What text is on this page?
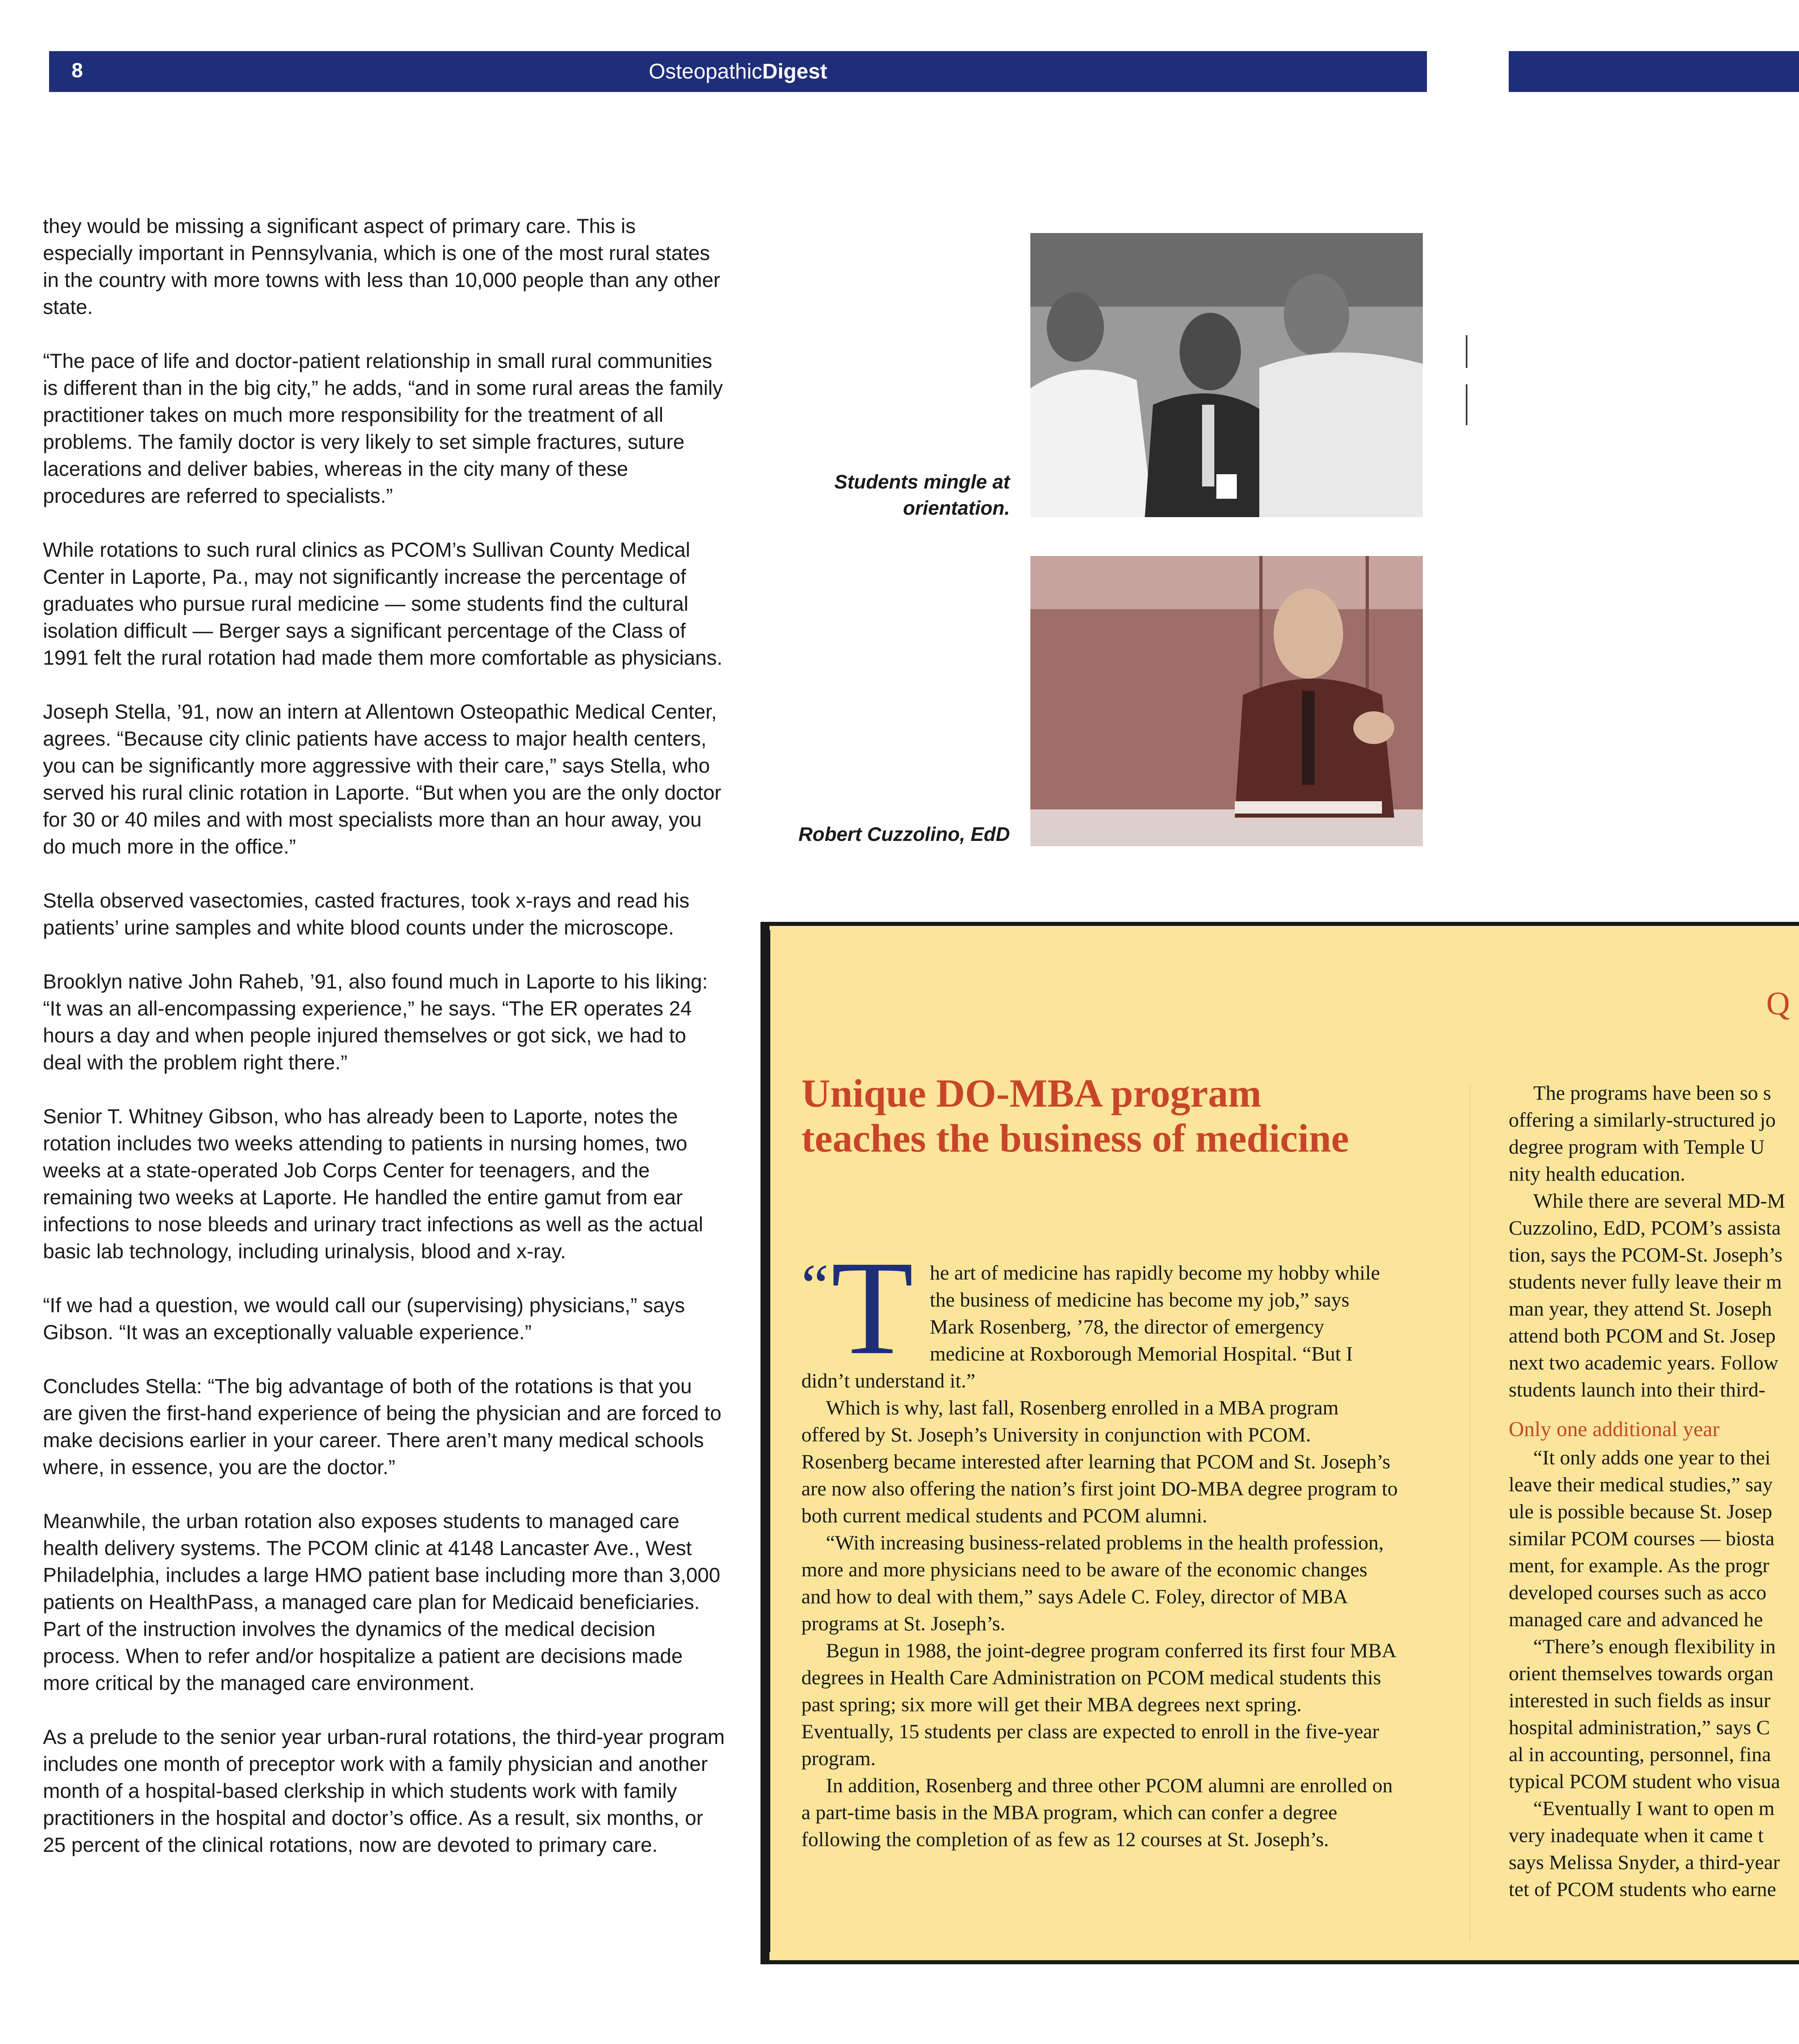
8	OsteopathicDigest

they would be missing a significant aspect of primary care. This is especially important in Pennsylvania, which is one of the most rural states in the country with more towns with less than 10,000 people than any other state.

“The pace of life and doctor-patient relationship in small rural communities is different than in the big city,” he adds, “and in some rural areas the family practitioner takes on much more responsibility for the treatment of all problems. The family doctor is very likely to set simple fractures, suture lacerations and deliver babies, whereas in the city many of these procedures are referred to specialists.”

While rotations to such rural clinics as PCOM’s Sullivan County Medical Center in Laporte, Pa., may not significantly increase the percentage of graduates who pursue rural medicine — some students find the cultural isolation difficult — Berger says a significant percentage of the Class of 1991 felt the rural rotation had made them more comfortable as physicians.

Joseph Stella, ’91, now an intern at Allentown Osteopathic Medical Center, agrees. “Because city clinic patients have access to major health centers, you can be significantly more aggressive with their care,” says Stella, who served his rural clinic rotation in Laporte. “But when you are the only doctor for 30 or 40 miles and with most specialists more than an hour away, you do much more in the office.”

Stella observed vasectomies, casted fractures, took x-rays and read his patients’ urine samples and white blood counts under the microscope.

Brooklyn native John Raheb, ’91, also found much in Laporte to his liking: “It was an all-encompassing experience,” he says. “The ER operates 24 hours a day and when people injured themselves or got sick, we had to deal with the problem right there.”

Senior T. Whitney Gibson, who has already been to Laporte, notes the rotation includes two weeks attending to patients in nursing homes, two weeks at a state-operated Job Corps Center for teenagers, and the remaining two weeks at Laporte. He handled the entire gamut from ear infections to nose bleeds and urinary tract infections as well as the actual basic lab technology, including urinalysis, blood and x-ray.

“If we had a question, we would call our (supervising) physicians,” says Gibson. “It was an exceptionally valuable experience.”

Concludes Stella: “The big advantage of both of the rotations is that you are given the first-hand experience of being the physician and are forced to make decisions earlier in your career. There aren’t many medical schools where, in essence, you are the doctor.”

Meanwhile, the urban rotation also exposes students to managed care health delivery systems. The PCOM clinic at 4148 Lancaster Ave., West Philadelphia, includes a large HMO patient base including more than 3,000 patients on HealthPass, a managed care plan for Medicaid beneficiaries. Part of the instruction involves the dynamics of the medical decision process. When to refer and/or hospitalize a patient are decisions made more critical by the managed care environment.

As a prelude to the senior year urban-rural rotations, the third-year program includes one month of preceptor work with a family physician and another month of a hospital-based clerkship in which students work with family practitioners in the hospital and doctor’s office. As a result, six months, or 25 percent of the clinical rotations, now are devoted to primary care.

Students mingle at orientation.
Robert Cuzzolino, EdD
Q
Unique DO-MBA program teaches the business of medicine

“ T he art of medicine has rapidly become my hobby while the business of medicine has become my job,” says Mark Rosenberg, ’78, the director of emergency medicine at Roxborough Memorial Hospital. “But I didn’t understand it.”

Which is why, last fall, Rosenberg enrolled in a MBA program offered by St. Joseph’s University in conjunction with PCOM. Rosenberg became interested after learning that PCOM and St. Joseph’s are now also offering the nation’s first joint DO-MBA degree program to both current medical students and PCOM alumni.

“With increasing business-related problems in the health profession, more and more physicians need to be aware of the economic changes and how to deal with them,” says Adele C. Foley, director of MBA programs at St. Joseph’s.

Begun in 1988, the joint-degree program conferred its first four MBA degrees in Health Care Administration on PCOM medical students this past spring; six more will get their MBA degrees next spring. Eventually, 15 students per class are expected to enroll in the five-year program.

In addition, Rosenberg and three other PCOM alumni are enrolled on a part-time basis in the MBA program, which can confer a degree following the completion of as few as 12 courses at St. Joseph’s.

The programs have been so s

offering a similarly-structured jo

degree program with Temple U

nity health education.

While there are several MD-M

Cuzzolino, EdD, PCOM’s assista

tion, says the PCOM-St. Joseph’s

students never fully leave their m

man year, they attend St. Joseph

attend both PCOM and St. Josep

next two academic years. Follow

students launch into their third-

Only one additional year

“It only adds one year to thei

leave their medical studies,” say

ule is possible because St. Josep

similar PCOM courses — biosta

ment, for example. As the progr

developed courses such as acco

managed care and advanced he

“There’s enough flexibility in

orient themselves towards organ

interested in such fields as insur

hospital administration,” says C

al in accounting, personnel, fina

typical PCOM student who visua

“Eventually I want to open m

very inadequate when it came t

says Melissa Snyder, a third-year

tet of PCOM students who earne
